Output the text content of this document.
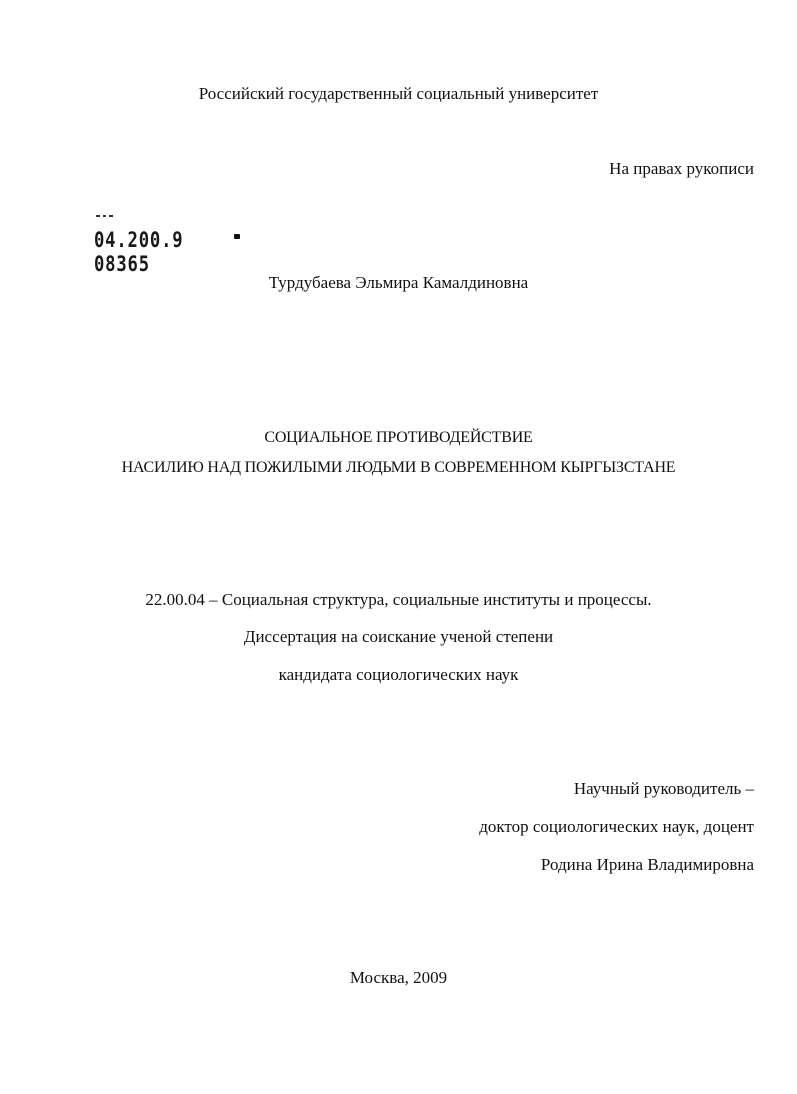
Российский государственный социальный университет
На правах рукописи
04.200.9 08365
Турдубаева Эльмира Камалдиновна
СОЦИАЛЬНОЕ ПРОТИВОДЕЙСТВИЕ
НАСИЛИЮ НАД ПОЖИЛЫМИ ЛЮДЬМИ В СОВРЕМЕННОМ КЫРГЫЗСТАНЕ
22.00.04 – Социальная структура, социальные институты и процессы.
Диссертация на соискание ученой степени
кандидата социологических наук
Научный руководитель –
доктор социологических наук, доцент
Родина Ирина Владимировна
Москва, 2009
